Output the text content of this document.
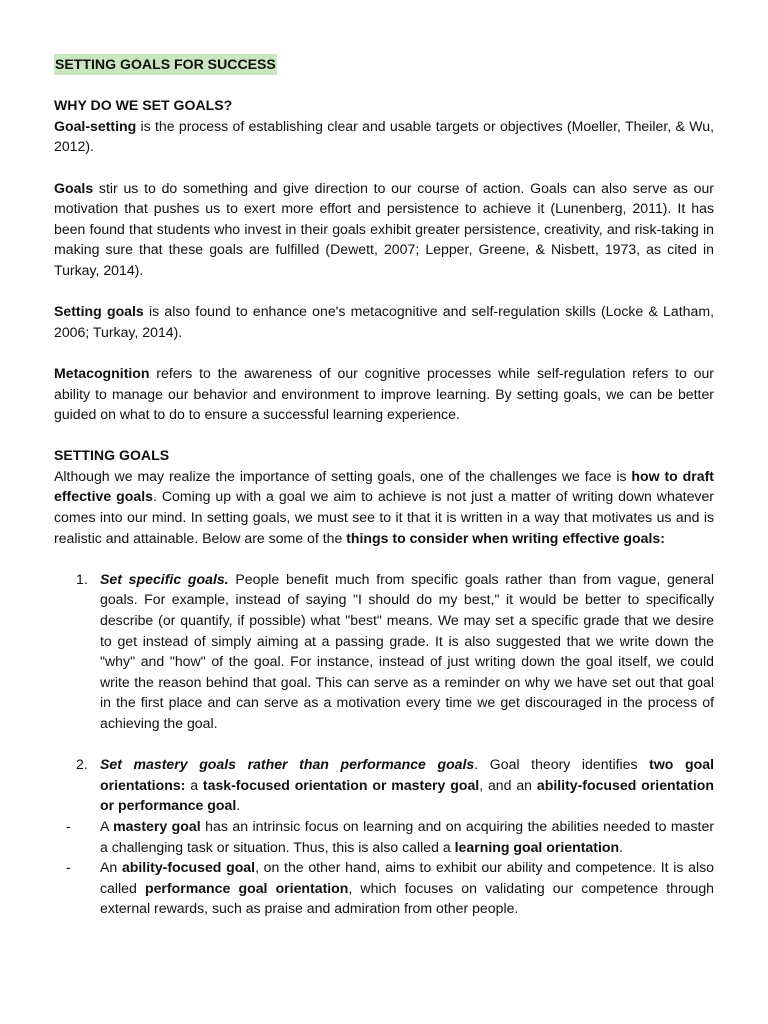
SETTING GOALS FOR SUCCESS
WHY DO WE SET GOALS?

Goal-setting is the process of establishing clear and usable targets or objectives (Moeller, Theiler, & Wu, 2012).

Goals stir us to do something and give direction to our course of action. Goals can also serve as our motivation that pushes us to exert more effort and persistence to achieve it (Lunenberg, 2011). It has been found that students who invest in their goals exhibit greater persistence, creativity, and risk-taking in making sure that these goals are fulfilled (Dewett, 2007; Lepper, Greene, & Nisbett, 1973, as cited in Turkay, 2014).

Setting goals is also found to enhance one's metacognitive and self-regulation skills (Locke & Latham, 2006; Turkay, 2014).

Metacognition refers to the awareness of our cognitive processes while self-regulation refers to our ability to manage our behavior and environment to improve learning. By setting goals, we can be better guided on what to do to ensure a successful learning experience.

SETTING GOALS

Although we may realize the importance of setting goals, one of the challenges we face is how to draft effective goals. Coming up with a goal we aim to achieve is not just a matter of writing down whatever comes into our mind. In setting goals, we must see to it that it is written in a way that motivates us and is realistic and attainable. Below are some of the things to consider when writing effective goals:

1. Set specific goals. People benefit much from specific goals rather than from vague, general goals. For example, instead of saying "I should do my best," it would be better to specifically describe (or quantify, if possible) what "best" means. We may set a specific grade that we desire to get instead of simply aiming at a passing grade. It is also suggested that we write down the "why" and "how" of the goal. For instance, instead of just writing down the goal itself, we could write the reason behind that goal. This can serve as a reminder on why we have set out that goal in the first place and can serve as a motivation every time we get discouraged in the process of achieving the goal.
2. Set mastery goals rather than performance goals. Goal theory identifies two goal orientations: a task-focused orientation or mastery goal, and an ability-focused orientation or performance goal.
- A mastery goal has an intrinsic focus on learning and on acquiring the abilities needed to master a challenging task or situation. Thus, this is also called a learning goal orientation.
- An ability-focused goal, on the other hand, aims to exhibit our ability and competence. It is also called performance goal orientation, which focuses on validating our competence through external rewards, such as praise and admiration from other people.
